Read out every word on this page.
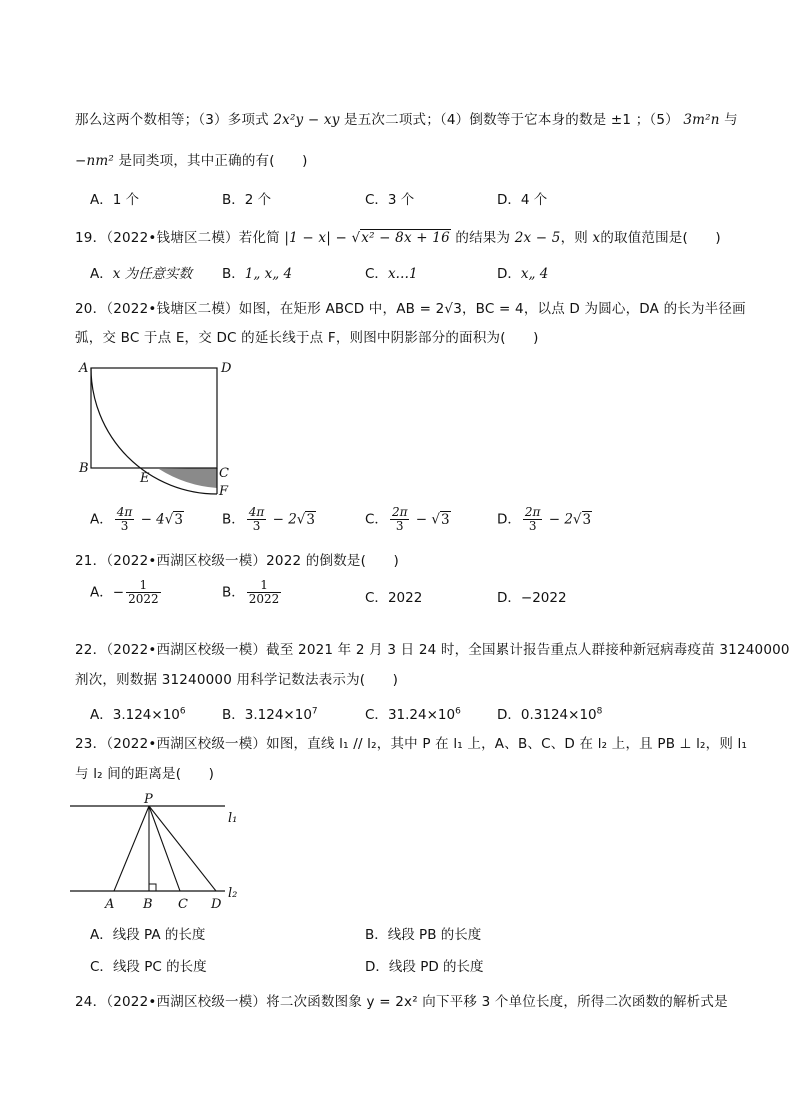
那么这两个数相等；（3）多项式 2x²y − xy 是五次二项式；（4）倒数等于它本身的数是 ±1 ；（5） 3m²n 与
−nm² 是同类项，其中正确的有(　　)
A．1 个	B．2 个	C．3 个	D．4 个
19．（2022•钱塘区二模）若化简 |1 − x| − √x² − 8x + 16 的结果为 2x − 5，则 x的取值范围是(　　)
A．x 为任意实数 B．1„ x„ 4	C．x…1	D．x„ 4
20．（2022•钱塘区二模）如图，在矩形 ABCD 中，AB = 2√3，BC = 4，以点 D 为圆心，DA 的长为半径画
弧，交 BC 于点 E，交 DC 的延长线于点 F，则图中阴影部分的面积为(　　)
A	D
B
E	C
F
A． $\frac{4\pi}{3} - 4√3$	B． $\frac{4\pi}{3} - 2√3$	C． $\frac{2\pi}{3} - √3$	D． $\frac{2\pi}{3} - 2√3$
21．（2022•西湖区校级一模）2022 的倒数是(　　)
A．− $\frac{1}{2022}$	B． $\frac{1}{2022}$	C．2022	D．−2022
22．（2022•西湖区校级一模）截至 2021 年 2 月 3 日 24 时，全国累计报告重点人群接种新冠病毒疫苗 31240000
剂次，则数据 31240000 用科学记数法表示为(　　)
A．$3.124\times 10^6$	B．$3.124\times 10^7$	C．$31.24\times 10^6$	D．$0.3124\times 10^8$
23．（2022•西湖区校级一模）如图，直线 l₁ // l₂，其中 P 在 l₁ 上，A、B、C、D 在 l₂ 上，且 PB ⊥ l₂，则 l₁
与 l₂ 间的距离是(　　)
P
l₁
l₂
A B C D
A．线段 PA 的长度	B．线段 PB 的长度
C．线段 PC 的长度	D．线段 PD 的长度
24．（2022•西湖区校级一模）将二次函数图象 y = 2x² 向下平移 3 个单位长度，所得二次函数的解析式是
